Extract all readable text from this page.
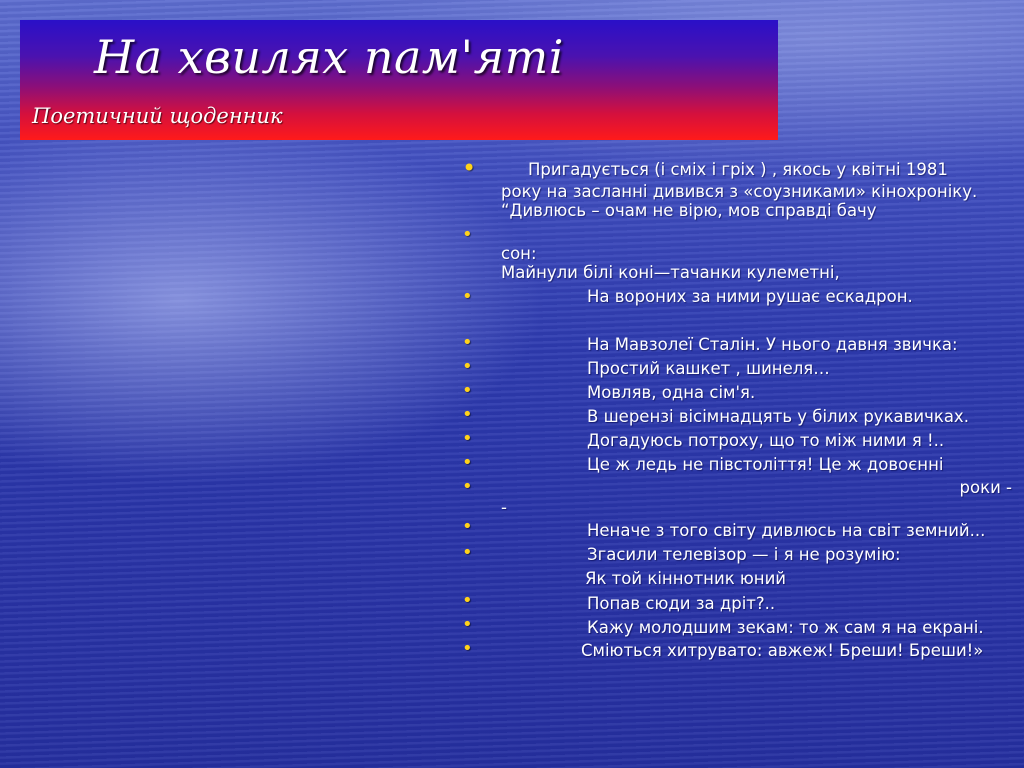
На хвилях пам'яті
Поетичний щоденник
•
•
•
•
•
•
•
•
•
•
•
•
•
•
•
Пригадується (і сміх і гріх ) , якось у квітні 1981
року на засланні дивився з «соузниками» кінохроніку.
“Дивлюсь – очам не вірю, мов справді бачу
сон:
Майнули білі коні—тачанки кулеметні,
На вороних за ними рушає ескадрон.
На Мавзолеї Сталін. У нього давня звичка:
Простий кашкет , шинеля…
Мовляв, одна сім'я.
В шерензі вісімнадцять у білих рукавичках.
Догадуюсь потроху, що то між ними я !..
Це ж ледь не півстоліття! Це ж довоєнні
роки -
-
Неначе з того світу дивлюсь на світ земний...
Згасили телевізор — і я не розумію:
Як той кіннотник юний
Попав сюди за дріт?..
Кажу молодшим зекам: то ж сам я на екрані.
Сміються хитрувато: авжеж! Бреши! Бреши!»
